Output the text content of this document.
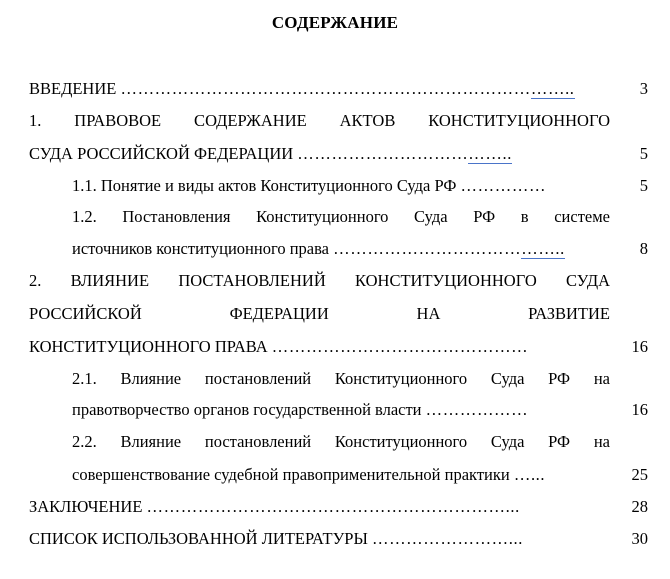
СОДЕРЖАНИЕ
ВВЕДЕНИЕ ……………………………………………………………………..	3
1. ПРАВОВОЕ СОДЕРЖАНИЕ АКТОВ КОНСТИТУЦИОННОГО
СУДА РОССИЙСКОЙ ФЕДЕРАЦИИ ………………………………..	5
1.1. Понятие и виды актов Конституционного Суда РФ ……………	5
1.2. Постановления Конституционного Суда РФ в системе
источников конституционного права …………………………………..	8
2. ВЛИЯНИЕ ПОСТАНОВЛЕНИЙ КОНСТИТУЦИОННОГО СУДА
РОССИЙСКОЙ ФЕДЕРАЦИИ НА РАЗВИТИЕ
КОНСТИТУЦИОННОГО ПРАВА ………………………………………	16
2.1. Влияние постановлений Конституционного Суда РФ на
правотворчество органов государственной власти ………………	16
2.2. Влияние постановлений Конституционного Суда РФ на
совершенствование судебной правоприменительной практики …...	25
ЗАКЛЮЧЕНИЕ ………………………………………………………...	28
СПИСОК ИСПОЛЬЗОВАННОЙ ЛИТЕРАТУРЫ ……………………...	30
